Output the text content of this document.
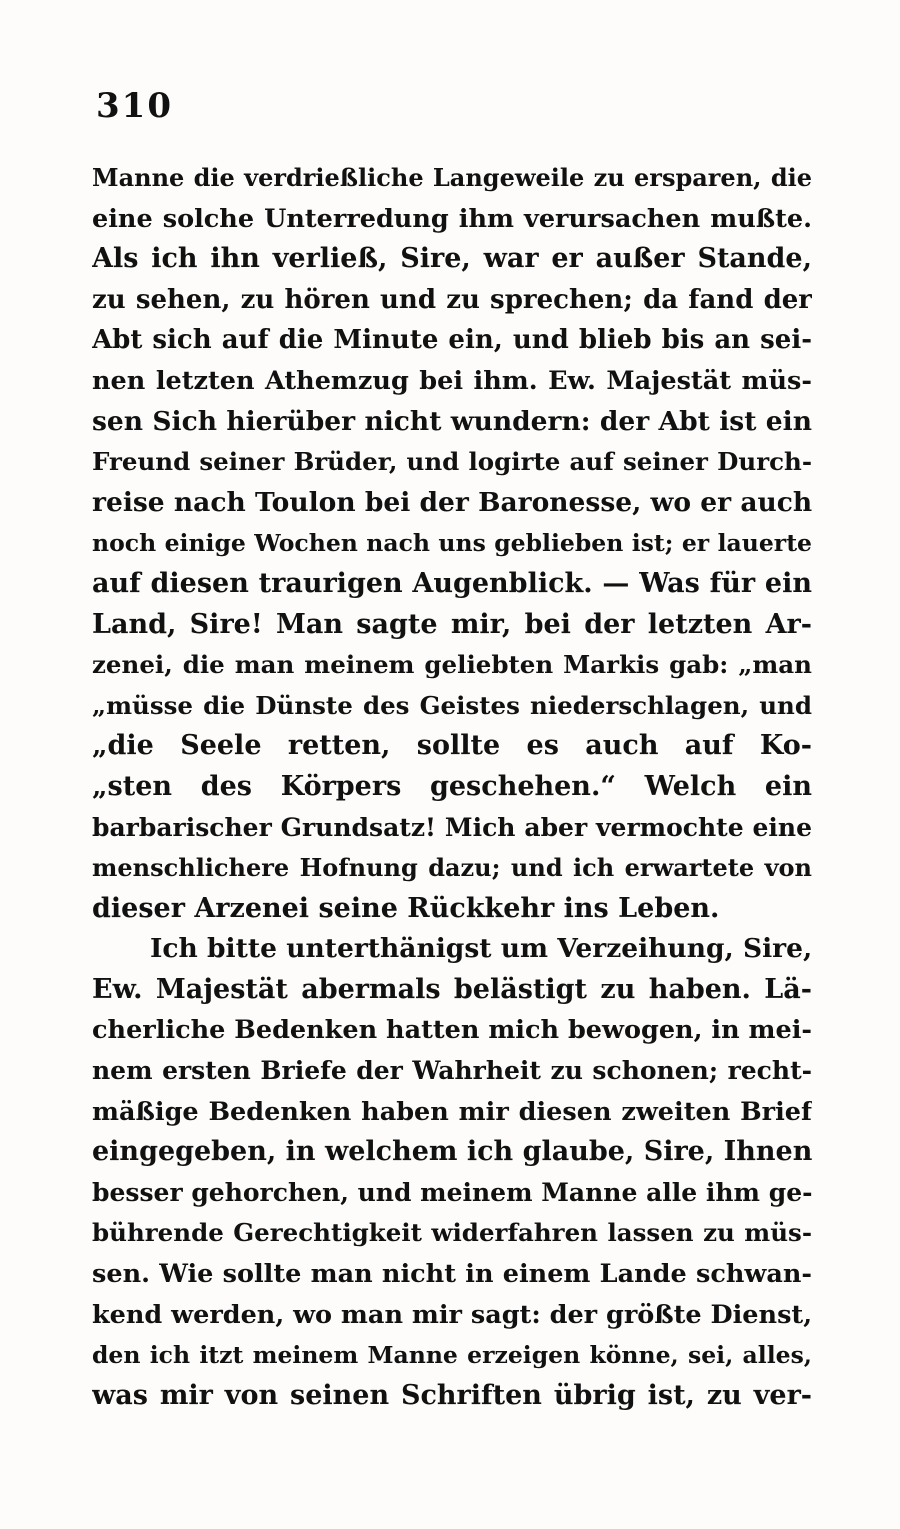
310
Manne die verdrießliche Langeweile zu ersparen, die
eine solche Unterredung ihm verursachen mußte.
Als ich ihn verließ, Sire, war er außer Stande,
zu sehen, zu hören und zu sprechen; da fand der
Abt sich auf die Minute ein, und blieb bis an sei-
nen letzten Athemzug bei ihm. Ew. Majestät müs-
sen Sich hierüber nicht wundern: der Abt ist ein
Freund seiner Brüder, und logirte auf seiner Durch-
reise nach Toulon bei der Baronesse, wo er auch
noch einige Wochen nach uns geblieben ist; er lauerte
auf diesen traurigen Augenblick. — Was für ein
Land, Sire! Man sagte mir, bei der letzten Ar-
zenei, die man meinem geliebten Markis gab: „man
„müsse die Dünste des Geistes niederschlagen, und
„die Seele retten, sollte es auch auf Ko-
„sten des Körpers geschehen.“ Welch ein
barbarischer Grundsatz! Mich aber vermochte eine
menschlichere Hofnung dazu; und ich erwartete von
dieser Arzenei seine Rückkehr ins Leben.
Ich bitte unterthänigst um Verzeihung, Sire,
Ew. Majestät abermals belästigt zu haben. Lä-
cherliche Bedenken hatten mich bewogen, in mei-
nem ersten Briefe der Wahrheit zu schonen; recht-
mäßige Bedenken haben mir diesen zweiten Brief
eingegeben, in welchem ich glaube, Sire, Ihnen
besser gehorchen, und meinem Manne alle ihm ge-
bührende Gerechtigkeit widerfahren lassen zu müs-
sen. Wie sollte man nicht in einem Lande schwan-
kend werden, wo man mir sagt: der größte Dienst,
den ich itzt meinem Manne erzeigen könne, sei, alles,
was mir von seinen Schriften übrig ist, zu ver-
